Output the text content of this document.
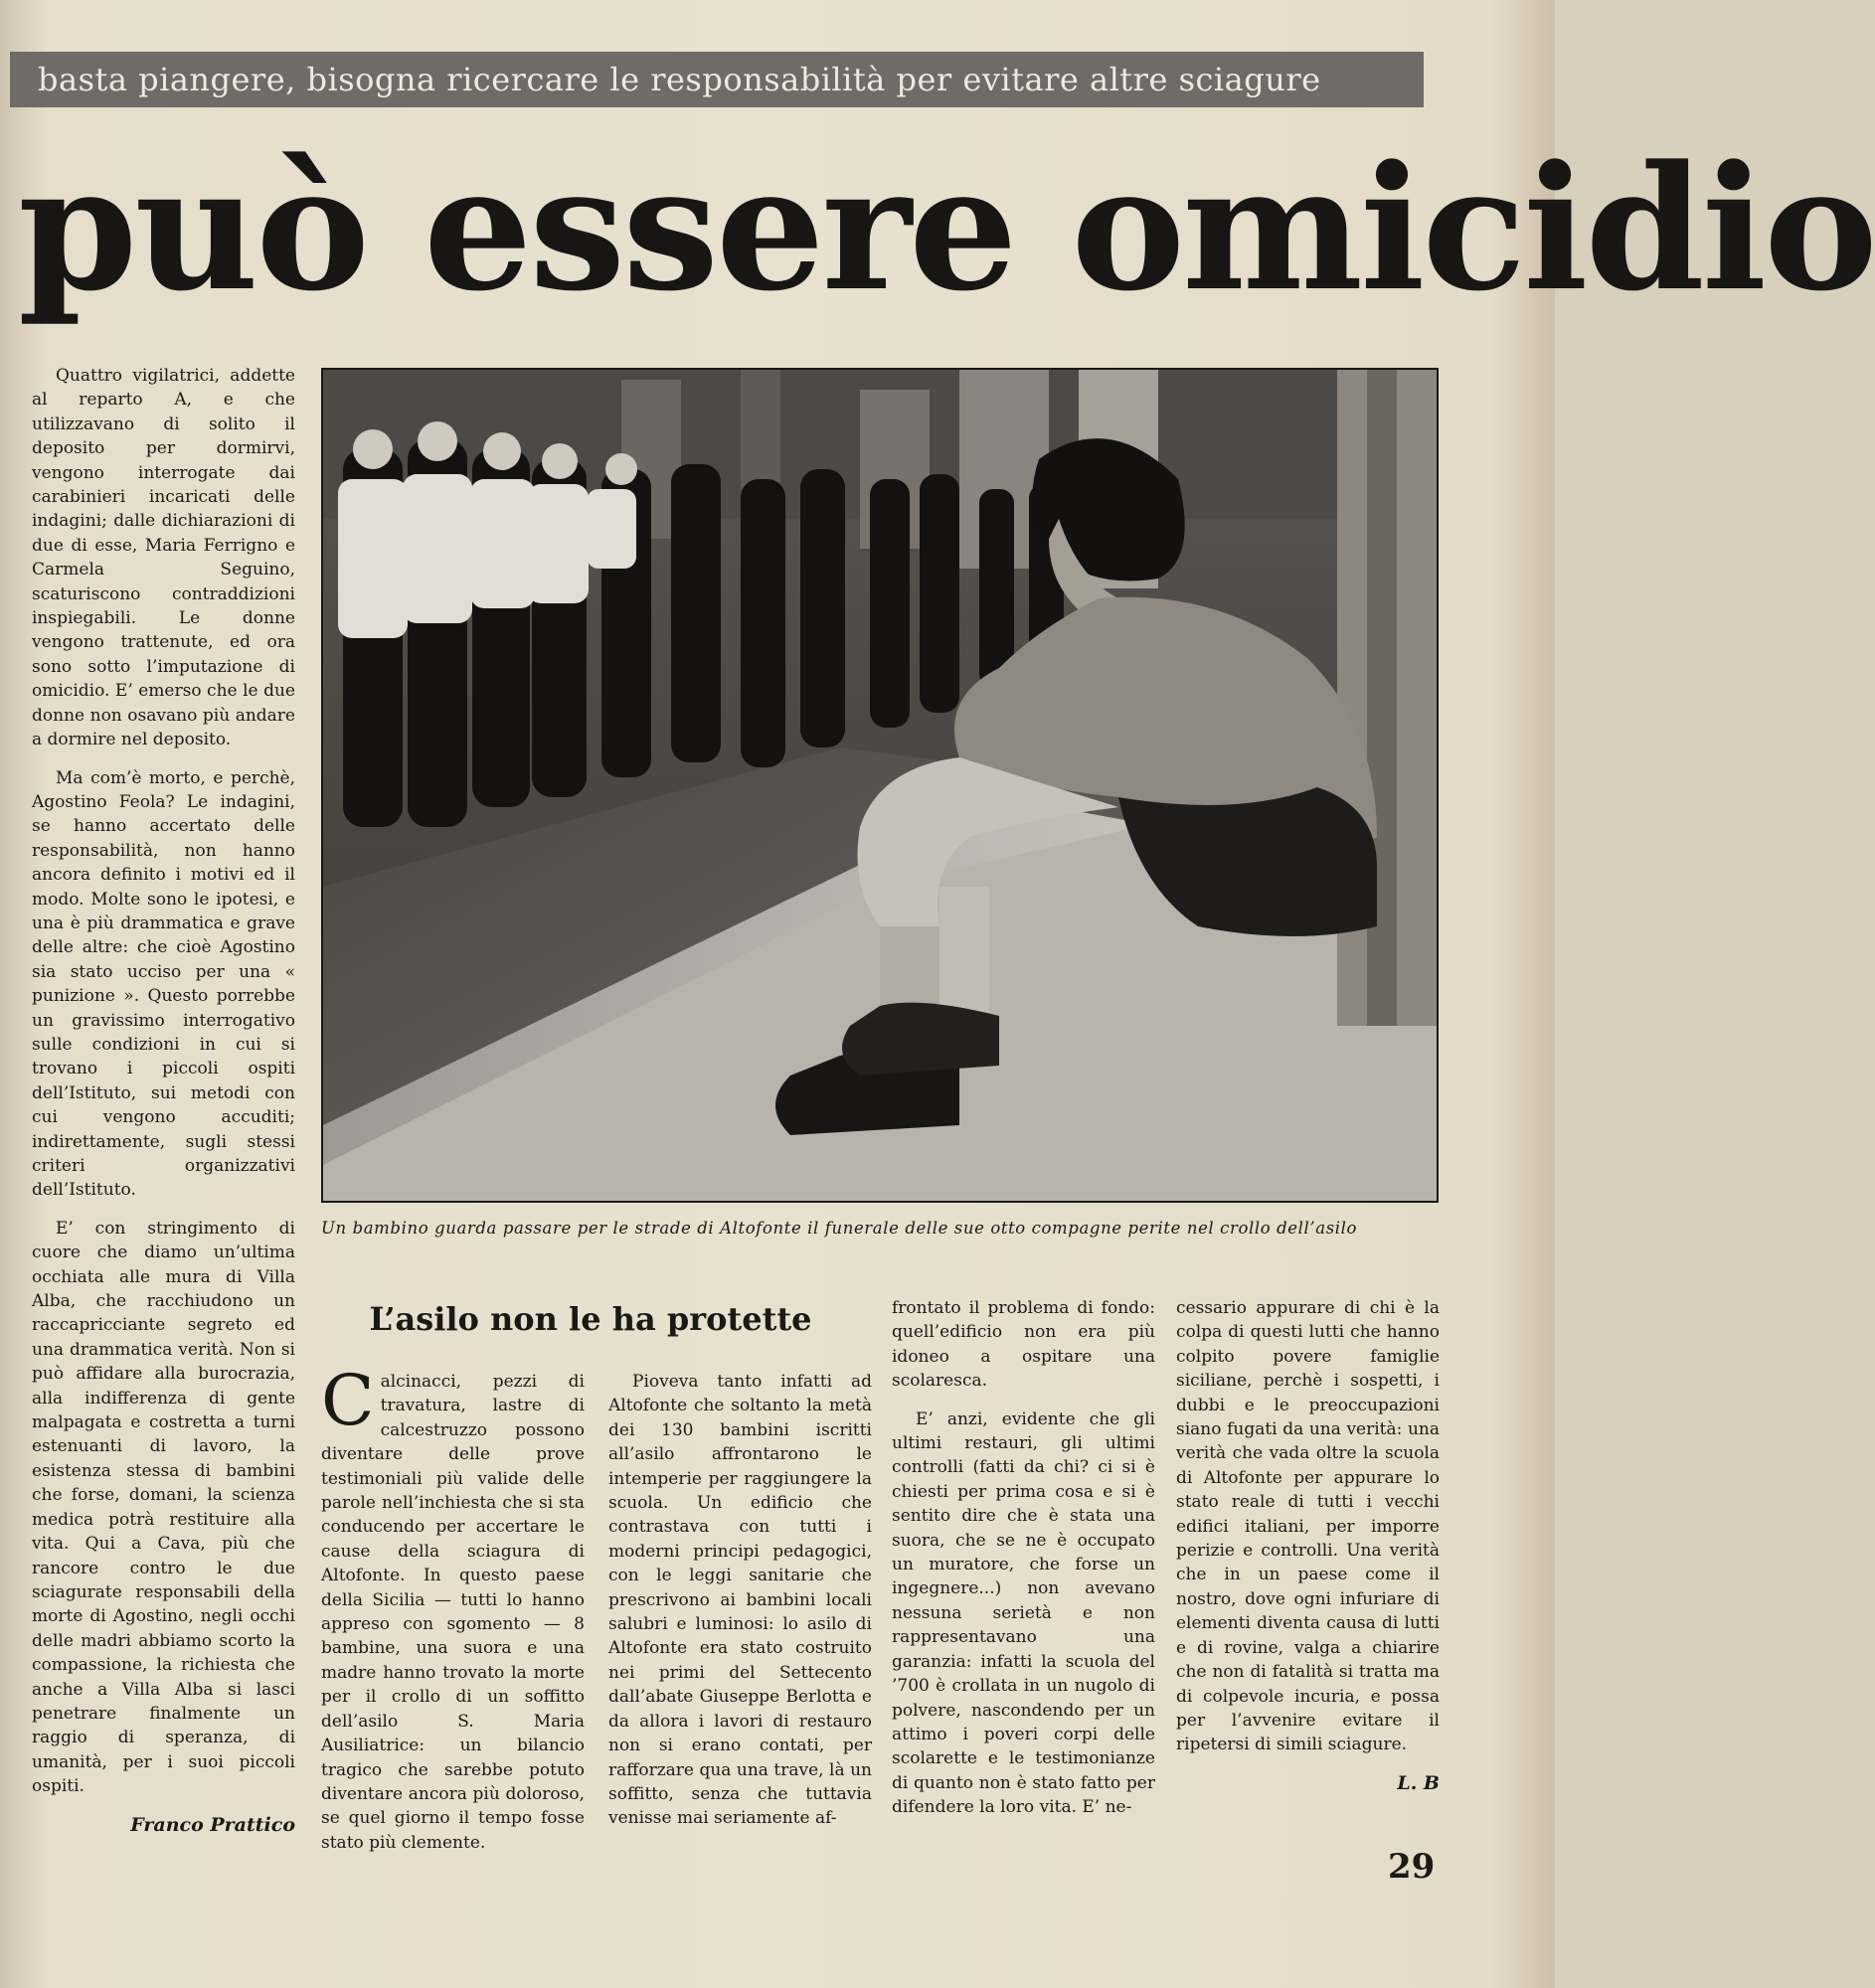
basta piangere, bisogna ricercare le responsabilità per evitare altre sciagure
può essere omicidio

Quattro vigilatrici, addette al reparto A, e che utilizzavano di solito il deposito per dormirvi, vengono interrogate dai carabinieri incaricati delle indagini; dalle dichiarazioni di due di esse, Maria Ferrigno e Carmela Seguino, scaturiscono contraddizioni inspiegabili. Le donne vengono trattenute, ed ora sono sotto l’imputazione di omicidio. E’ emerso che le due donne non osavano più andare a dormire nel deposito.

Ma com’è morto, e perchè, Agostino Feola? Le indagini, se hanno accertato delle responsabilità, non hanno ancora definito i motivi ed il modo. Molte sono le ipotesi, e una è più drammatica e grave delle altre: che cioè Agostino sia stato ucciso per una « punizione ». Questo porrebbe un gravissimo interrogativo sulle condizioni in cui si trovano i piccoli ospiti dell’Istituto, sui metodi con cui vengono accuditi; indirettamente, sugli stessi criteri organizzativi dell’Istituto.

E’ con stringimento di cuore che diamo un’ultima occhiata alle mura di Villa Alba, che racchiudono un raccapricciante segreto ed una drammatica verità. Non si può affidare alla burocrazia, alla indifferenza di gente malpagata e costretta a turni estenuanti di lavoro, la esistenza stessa di bambini che forse, domani, la scienza medica potrà restituire alla vita. Qui a Cava, più che rancore contro le due sciagurate responsabili della morte di Agostino, negli occhi delle madri abbiamo scorto la compassione, la richiesta che anche a Villa Alba si lasci penetrare finalmente un raggio di speranza, di umanità, per i suoi piccoli ospiti.

Franco Prattico
Un bambino guarda passare per le strade di Altofonte il funerale delle sue otto compagne perite nel crollo dell’asilo
L’asilo non le ha protette

Calcinacci, pezzi di travatura, lastre di calcestruzzo possono diventare delle prove testimoniali più valide delle parole nell’inchiesta che si sta conducendo per accertare le cause della sciagura di Altofonte. In questo paese della Sicilia — tutti lo hanno appreso con sgomento — 8 bambine, una suora e una madre hanno trovato la morte per il crollo di un soffitto dell’asilo S. Maria Ausiliatrice: un bilancio tragico che sarebbe potuto diventare ancora più doloroso, se quel giorno il tempo fosse stato più clemente.

Pioveva tanto infatti ad Altofonte che soltanto la metà dei 130 bambini iscritti all’asilo affrontarono le intemperie per raggiungere la scuola. Un edificio che contrastava con tutti i moderni principi pedagogici, con le leggi sanitarie che prescrivono ai bambini locali salubri e luminosi: lo asilo di Altofonte era stato costruito nei primi del Settecento dall’abate Giuseppe Berlotta e da allora i lavori di restauro non si erano contati, per rafforzare qua una trave, là un soffitto, senza che tuttavia venisse mai seriamente af-

frontato il problema di fondo: quell’edificio non era più idoneo a ospitare una scolaresca.

E’ anzi, evidente che gli ultimi restauri, gli ultimi controlli (fatti da chi? ci si è chiesti per prima cosa e si è sentito dire che è stata una suora, che se ne è occupato un muratore, che forse un ingegnere...) non avevano nessuna serietà e non rappresentavano una garanzia: infatti la scuola del ’700 è crollata in un nugolo di polvere, nascondendo per un attimo i poveri corpi delle scolarette e le testimonianze di quanto non è stato fatto per difendere la loro vita. E’ ne-

cessario appurare di chi è la colpa di questi lutti che hanno colpito povere famiglie siciliane, perchè i sospetti, i dubbi e le preoccupazioni siano fugati da una verità: una verità che vada oltre la scuola di Altofonte per appurare lo stato reale di tutti i vecchi edifici italiani, per imporre perizie e controlli. Una verità che in un paese come il nostro, dove ogni infuriare di elementi diventa causa di lutti e di rovine, valga a chiarire che non di fatalità si tratta ma di colpevole incuria, e possa per l’avvenire evitare il ripetersi di simili sciagure.

L. B
29
